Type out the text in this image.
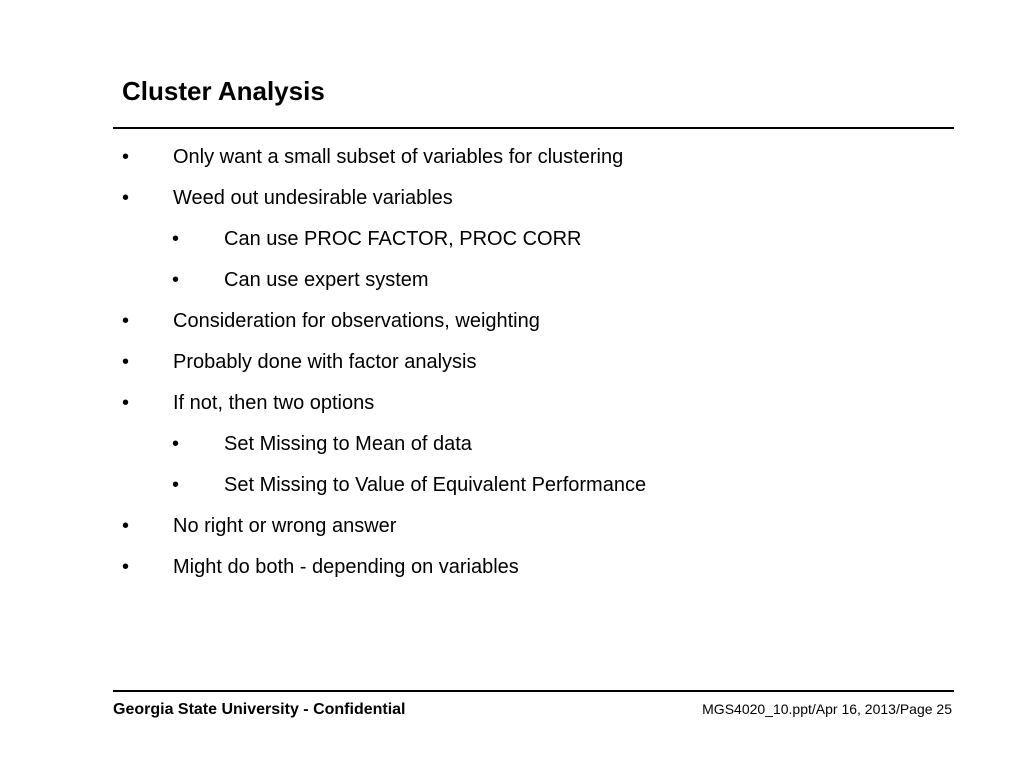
Cluster Analysis
• Only want a small subset of variables for clustering
• Weed out undesirable variables
• Can use PROC FACTOR, PROC CORR
• Can use expert system
• Consideration for observations, weighting
• Probably done with factor analysis
• If not, then two options
• Set Missing to Mean of data
• Set Missing to Value of Equivalent Performance
• No right or wrong answer
• Might do both - depending on variables
Georgia State University - Confidential	MGS4020_10.ppt/Apr 16, 2013/Page 25
